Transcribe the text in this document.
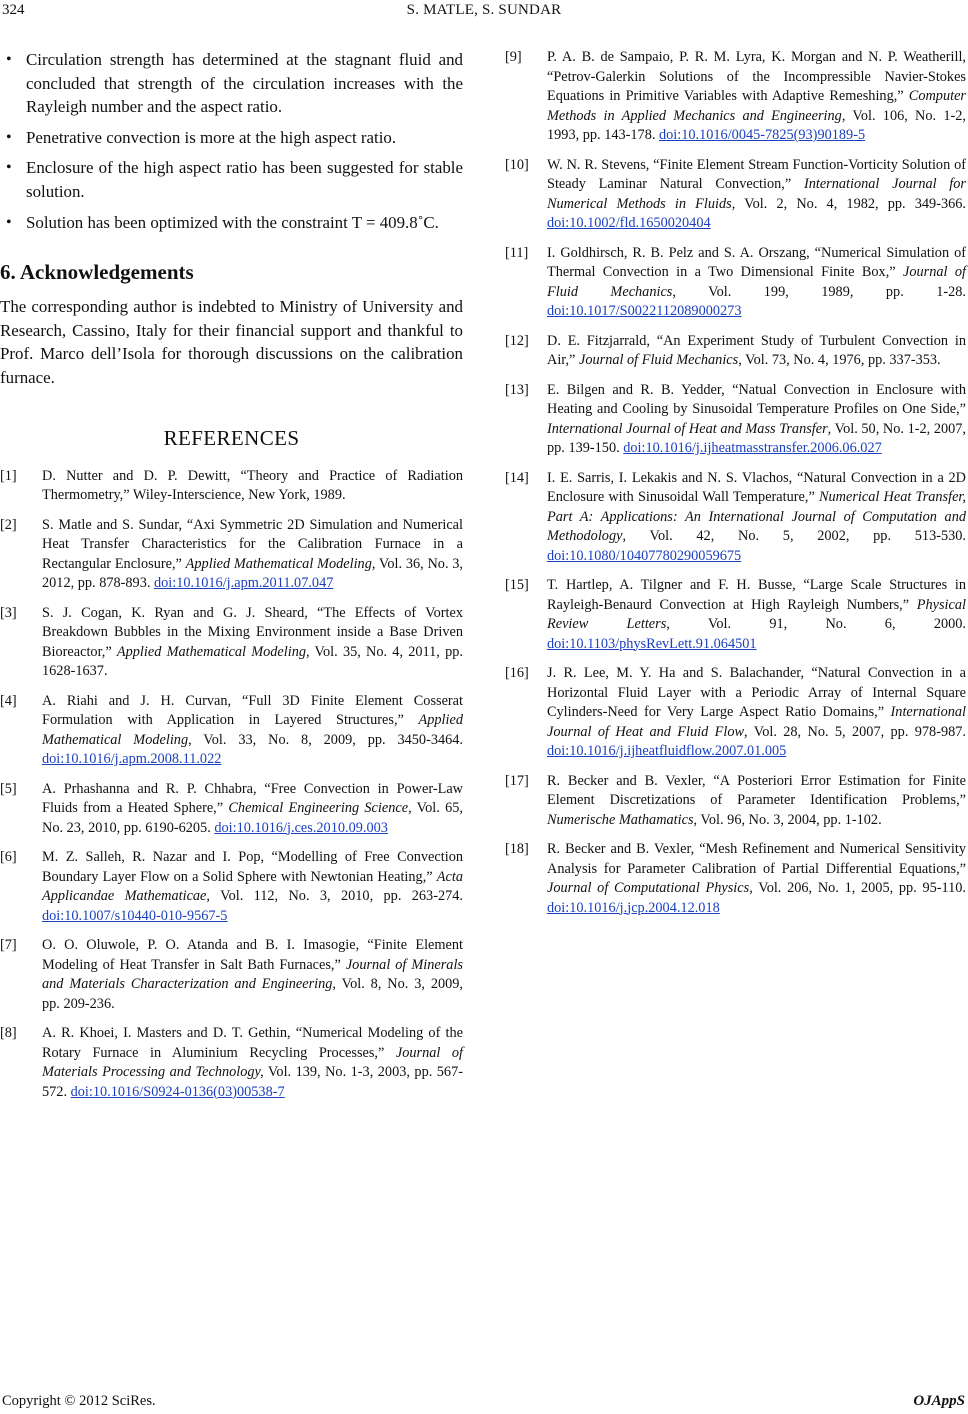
324	S. MATLE, S. SUNDAR
• Circulation strength has determined at the stagnant fluid and concluded that strength of the circulation increases with the Rayleigh number and the aspect ratio.
• Penetrative convection is more at the high aspect ratio.
• Enclosure of the high aspect ratio has been suggested for stable solution.
• Solution has been optimized with the constraint T = 409.8˚C.
6. Acknowledgements
The corresponding author is indebted to Ministry of University and Research, Cassino, Italy for their financial support and thankful to Prof. Marco dell’Isola for thorough discussions on the calibration furnace.
REFERENCES
[1] D. Nutter and D. P. Dewitt, “Theory and Practice of Radiation Thermometry,” Wiley-Interscience, New York, 1989.
[2] S. Matle and S. Sundar, “Axi Symmetric 2D Simulation and Numerical Heat Transfer Characteristics for the Calibration Furnace in a Rectangular Enclosure,” Applied Mathematical Modeling, Vol. 36, No. 3, 2012, pp. 878-893. doi:10.1016/j.apm.2011.07.047
[3] S. J. Cogan, K. Ryan and G. J. Sheard, “The Effects of Vortex Breakdown Bubbles in the Mixing Environment inside a Base Driven Bioreactor,” Applied Mathematical Modeling, Vol. 35, No. 4, 2011, pp. 1628-1637.
[4] A. Riahi and J. H. Curvan, “Full 3D Finite Element Cosserat Formulation with Application in Layered Structures,” Applied Mathematical Modeling, Vol. 33, No. 8, 2009, pp. 3450-3464. doi:10.1016/j.apm.2008.11.022
[5] A. Prhashanna and R. P. Chhabra, “Free Convection in Power-Law Fluids from a Heated Sphere,” Chemical Engineering Science, Vol. 65, No. 23, 2010, pp. 6190-6205. doi:10.1016/j.ces.2010.09.003
[6] M. Z. Salleh, R. Nazar and I. Pop, “Modelling of Free Convection Boundary Layer Flow on a Solid Sphere with Newtonian Heating,” Acta Applicandae Mathematicae, Vol. 112, No. 3, 2010, pp. 263-274. doi:10.1007/s10440-010-9567-5
[7] O. O. Oluwole, P. O. Atanda and B. I. Imasogie, “Finite Element Modeling of Heat Transfer in Salt Bath Furnaces,” Journal of Minerals and Materials Characterization and Engineering, Vol. 8, No. 3, 2009, pp. 209-236.
[8] A. R. Khoei, I. Masters and D. T. Gethin, “Numerical Modeling of the Rotary Furnace in Aluminium Recycling Processes,” Journal of Materials Processing and Technology, Vol. 139, No. 1-3, 2003, pp. 567-572. doi:10.1016/S0924-0136(03)00538-7
[9] P. A. B. de Sampaio, P. R. M. Lyra, K. Morgan and N. P. Weatherill, “Petrov-Galerkin Solutions of the Incompressible Navier-Stokes Equations in Primitive Variables with Adaptive Remeshing,” Computer Methods in Applied Mechanics and Engineering, Vol. 106, No. 1-2, 1993, pp. 143-178. doi:10.1016/0045-7825(93)90189-5
[10] W. N. R. Stevens, “Finite Element Stream Function-Vorticity Solution of Steady Laminar Natural Convection,” International Journal for Numerical Methods in Fluids, Vol. 2, No. 4, 1982, pp. 349-366. doi:10.1002/fld.1650020404
[11] I. Goldhirsch, R. B. Pelz and S. A. Orszang, “Numerical Simulation of Thermal Convection in a Two Dimensional Finite Box,” Journal of Fluid Mechanics, Vol. 199, 1989, pp. 1-28. doi:10.1017/S0022112089000273
[12] D. E. Fitzjarrald, “An Experiment Study of Turbulent Convection in Air,” Journal of Fluid Mechanics, Vol. 73, No. 4, 1976, pp. 337-353.
[13] E. Bilgen and R. B. Yedder, “Natual Convection in Enclosure with Heating and Cooling by Sinusoidal Temperature Profiles on One Side,” International Journal of Heat and Mass Transfer, Vol. 50, No. 1-2, 2007, pp. 139-150. doi:10.1016/j.ijheatmasstransfer.2006.06.027
[14] I. E. Sarris, I. Lekakis and N. S. Vlachos, “Natural Convection in a 2D Enclosure with Sinusoidal Wall Temperature,” Numerical Heat Transfer, Part A: Applications: An International Journal of Computation and Methodology, Vol. 42, No. 5, 2002, pp. 513-530. doi:10.1080/10407780290059675
[15] T. Hartlep, A. Tilgner and F. H. Busse, “Large Scale Structures in Rayleigh-Benaurd Convection at High Rayleigh Numbers,” Physical Review Letters, Vol. 91, No. 6, 2000. doi:10.1103/physRevLett.91.064501
[16] J. R. Lee, M. Y. Ha and S. Balachander, “Natural Convection in a Horizontal Fluid Layer with a Periodic Array of Internal Square Cylinders-Need for Very Large Aspect Ratio Domains,” International Journal of Heat and Fluid Flow, Vol. 28, No. 5, 2007, pp. 978-987. doi:10.1016/j.ijheatfluidflow.2007.01.005
[17] R. Becker and B. Vexler, “A Posteriori Error Estimation for Finite Element Discretizations of Parameter Identification Problems,” Numerische Mathamatics, Vol. 96, No. 3, 2004, pp. 1-102.
[18] R. Becker and B. Vexler, “Mesh Refinement and Numerical Sensitivity Analysis for Parameter Calibration of Partial Differential Equations,” Journal of Computational Physics, Vol. 206, No. 1, 2005, pp. 95-110. doi:10.1016/j.jcp.2004.12.018
Copyright © 2012 SciRes.	OJAppS
